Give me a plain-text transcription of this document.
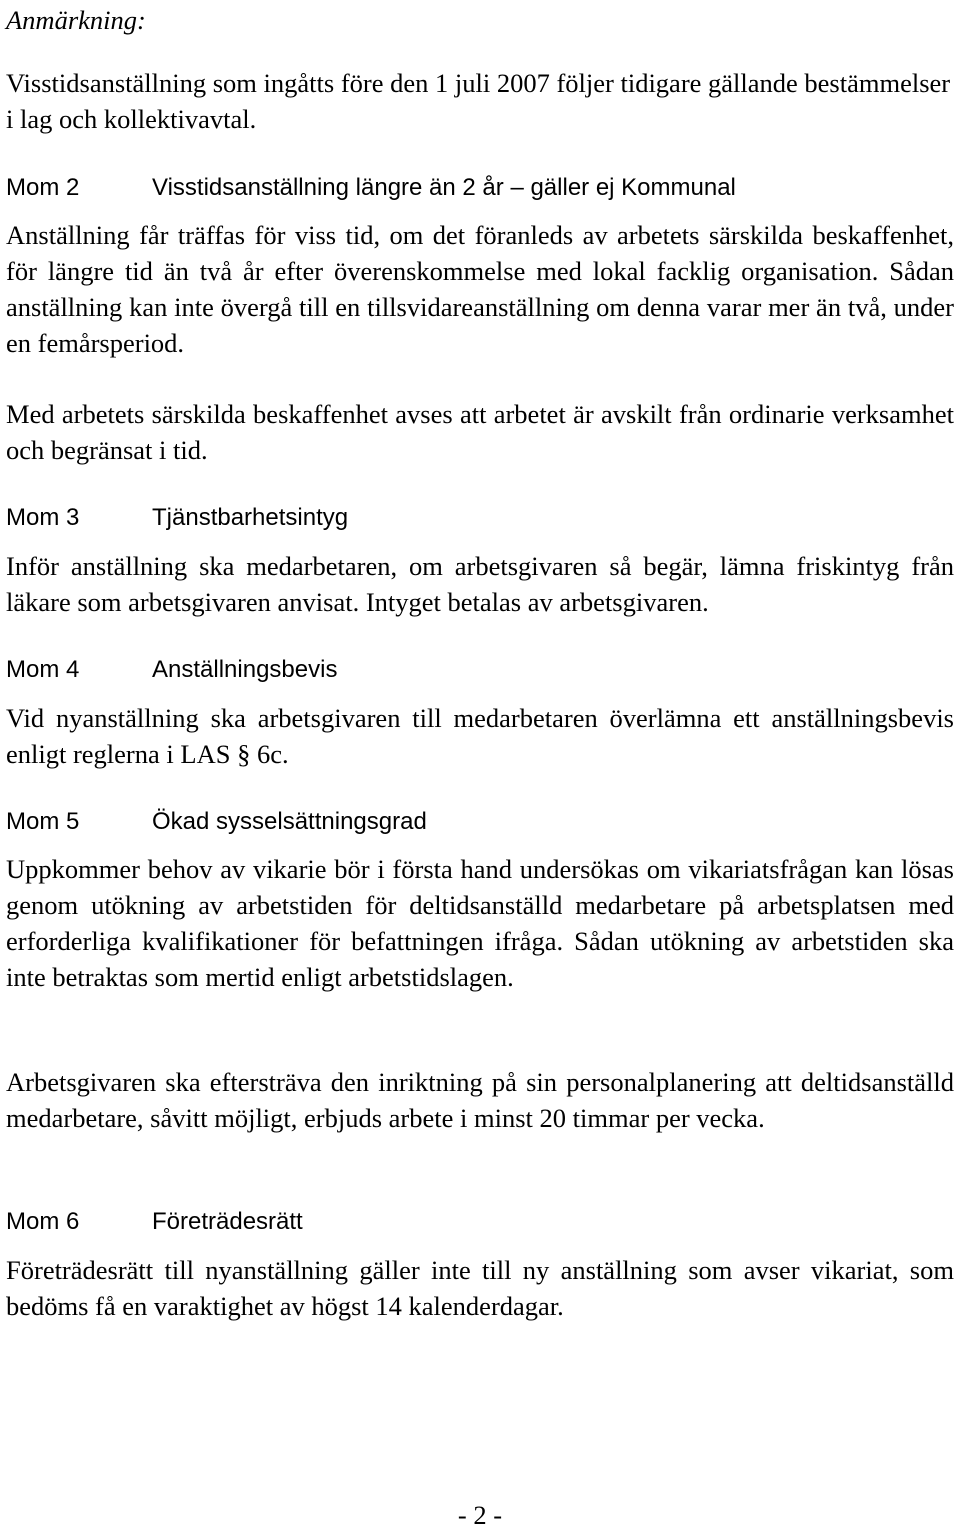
Anmärkning:

Visstidsanställning som ingåtts före den 1 juli 2007 följer tidigare gällande bestämmelser i lag och kollektivavtal.

Mom 2	Visstidsanställning längre än 2 år – gäller ej Kommunal

Anställning får träffas för viss tid, om det föranleds av arbetets särskilda beskaffenhet, för längre tid än två år efter överenskommelse med lokal facklig organisation. Sådan anställning kan inte övergå till en tillsvidareanställning om denna varar mer än två, under en femårsperiod.

Med arbetets särskilda beskaffenhet avses att arbetet är avskilt från ordinarie verksamhet och begränsat i tid.

Mom 3	Tjänstbarhetsintyg

Inför anställning ska medarbetaren, om arbetsgivaren så begär, lämna friskintyg från läkare som arbetsgivaren anvisat. Intyget betalas av arbetsgivaren.

Mom 4	Anställningsbevis

Vid nyanställning ska arbetsgivaren till medarbetaren överlämna ett anställningsbevis enligt reglerna i LAS § 6c.

Mom 5	Ökad sysselsättningsgrad

Uppkommer behov av vikarie bör i första hand undersökas om vikariatsfrågan kan lösas genom utökning av arbetstiden för deltidsanställd medarbetare på arbetsplatsen med erforderliga kvalifikationer för befattningen ifråga. Sådan utökning av arbetstiden ska inte betraktas som mertid enligt arbetstidslagen.

Arbetsgivaren ska eftersträva den inriktning på sin personalplanering att deltidsanställd medarbetare, såvitt möjligt, erbjuds arbete i minst 20 timmar per vecka.

Mom 6	Företrädesrätt

Företrädesrätt till nyanställning gäller inte till ny anställning som avser vikariat, som bedöms få en varaktighet av högst 14 kalenderdagar.

- 2 -
